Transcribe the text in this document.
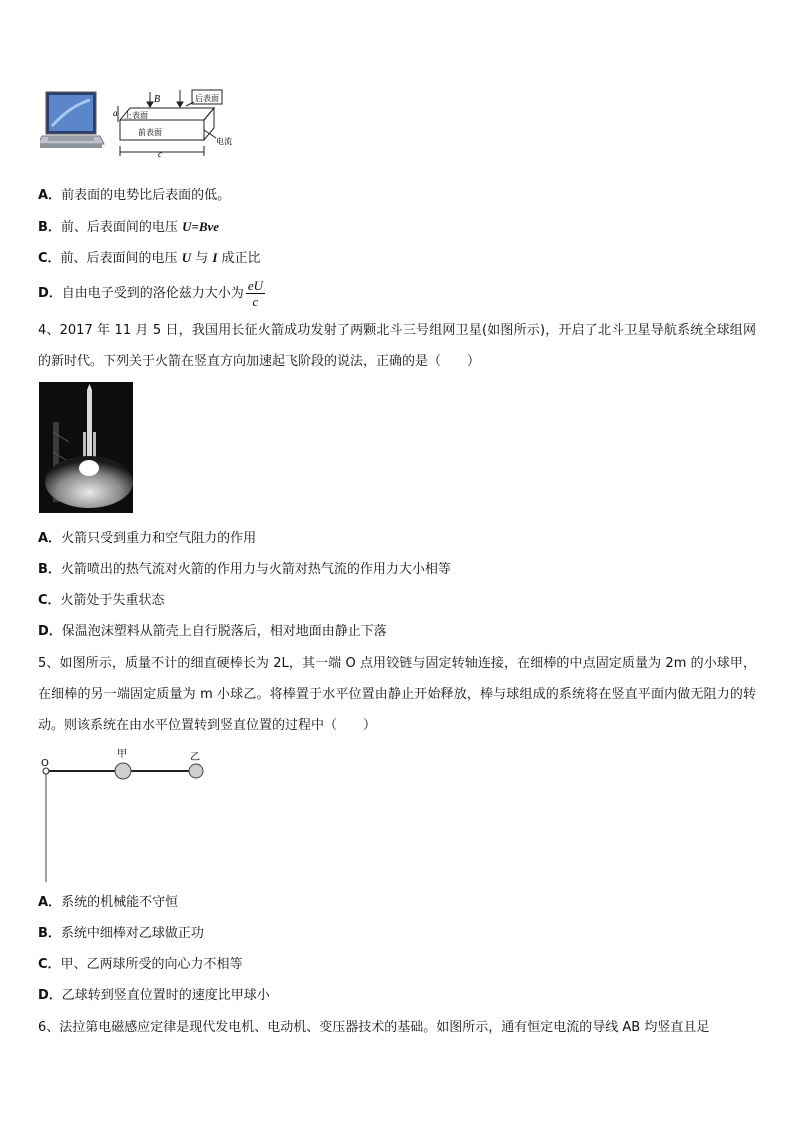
a
B	后表面
上表面
前表面
电流
c
A．前表面的电势比后表面的低。
B．前、后表面间的电压 U=Bve
C．前、后表面间的电压 U 与 I 成正比
D．自由电子受到的洛伦兹力大小为 $\frac{eU}{c}$
4、2017 年 11 月 5 日，我国用长征火箭成功发射了两颗北斗三号组网卫星(如图所示)，开启了北斗卫星导航系统全球组网的新时代。下列关于火箭在竖直方向加速起飞阶段的说法，正确的是（　　）
A．火箭只受到重力和空气阻力的作用
B．火箭喷出的热气流对火箭的作用力与火箭对热气流的作用力大小相等
C．火箭处于失重状态
D．保温泡沫塑料从箭壳上自行脱落后，相对地面由静止下落
5、如图所示，质量不计的细直硬棒长为 2L，其一端 O 点用铰链与固定转轴连接，在细棒的中点固定质量为 2m 的小球甲，在细棒的另一端固定质量为 m 小球乙。将棒置于水平位置由静止开始释放，棒与球组成的系统将在竖直平面内做无阻力的转动。则该系统在由水平位置转到竖直位置的过程中（　　）
O
甲	乙
A．系统的机械能不守恒
B．系统中细棒对乙球做正功
C．甲、乙两球所受的向心力不相等
D．乙球转到竖直位置时的速度比甲球小
6、法拉第电磁感应定律是现代发电机、电动机、变压器技术的基础。如图所示，通有恒定电流的导线 AB 均竖直且足
